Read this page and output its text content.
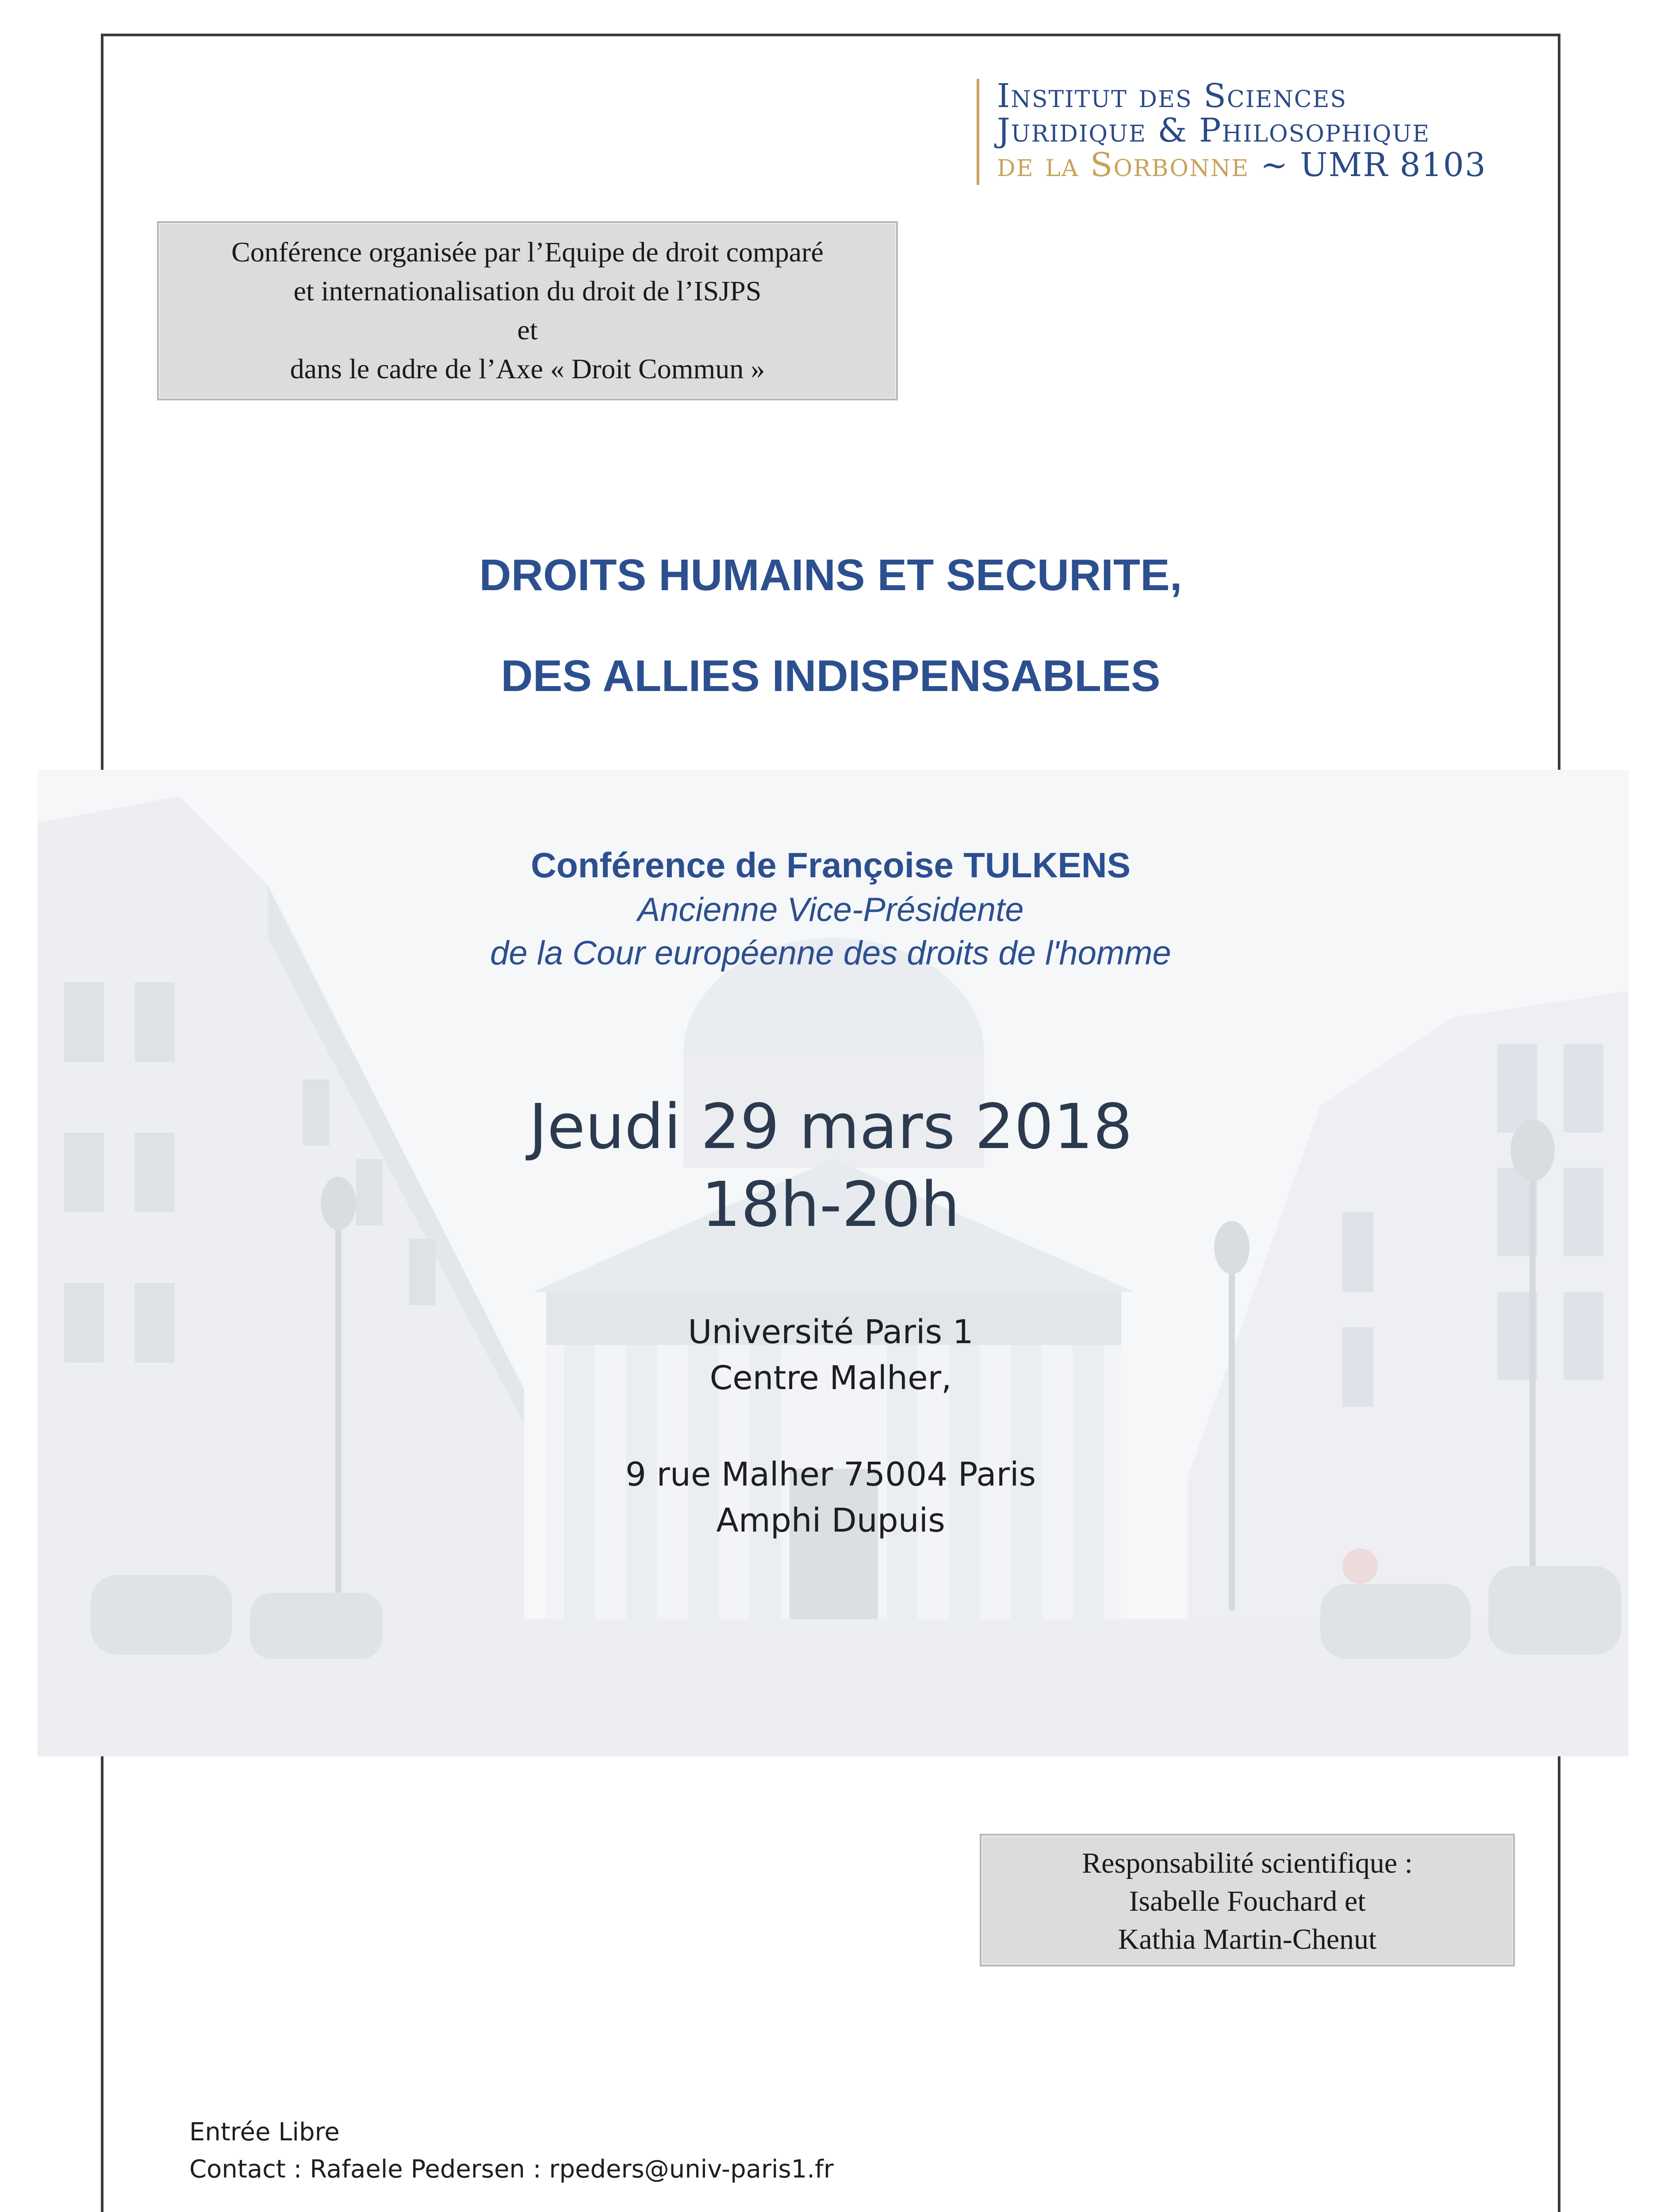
Institut des Sciences
Juridique & Philosophique
de la Sorbonne ~ UMR 8103
Conférence organisée par l’Equipe de droit comparé
et internationalisation du droit de l’ISJPS
et
dans le cadre de l’Axe « Droit Commun »
DROITS HUMAINS ET SECURITE,
DES ALLIES INDISPENSABLES
Conférence de Françoise TULKENS
Ancienne Vice-Présidente
de la Cour européenne des droits de l'homme
Jeudi 29 mars 2018
18h-20h
Université Paris 1
Centre Malher,
9 rue Malher 75004 Paris
Amphi Dupuis
Responsabilité scientifique :
Isabelle Fouchard et
Kathia Martin-Chenut
Entrée Libre
Contact : Rafaele Pedersen : rpeders@univ-paris1.fr
